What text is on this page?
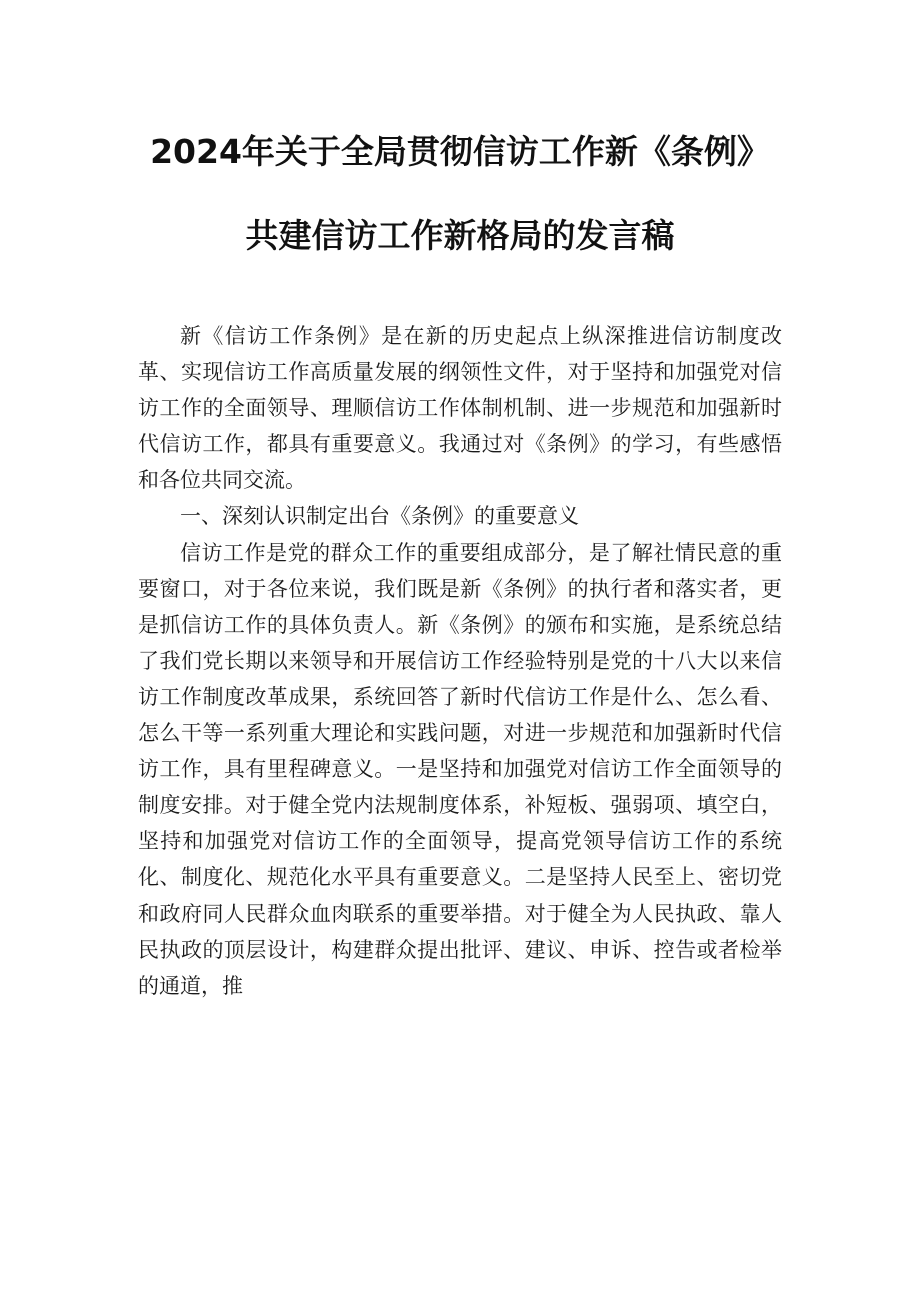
2024年关于全局贯彻信访工作新《条例》
共建信访工作新格局的发言稿

新《信访工作条例》是在新的历史起点上纵深推进信访制度改革、实现信访工作高质量发展的纲领性文件，对于坚持和加强党对信访工作的全面领导、理顺信访工作体制机制、进一步规范和加强新时代信访工作，都具有重要意义。我通过对《条例》的学习，有些感悟和各位共同交流。

一、深刻认识制定出台《条例》的重要意义

信访工作是党的群众工作的重要组成部分，是了解社情民意的重要窗口，对于各位来说，我们既是新《条例》的执行者和落实者，更是抓信访工作的具体负责人。新《条例》的颁布和实施，是系统总结了我们党长期以来领导和开展信访工作经验特别是党的十八大以来信访工作制度改革成果，系统回答了新时代信访工作是什么、怎么看、怎么干等一系列重大理论和实践问题，对进一步规范和加强新时代信访工作，具有里程碑意义。一是坚持和加强党对信访工作全面领导的制度安排。对于健全党内法规制度体系，补短板、强弱项、填空白，坚持和加强党对信访工作的全面领导，提高党领导信访工作的系统化、制度化、规范化水平具有重要意义。二是坚持人民至上、密切党和政府同人民群众血肉联系的重要举措。对于健全为人民执政、靠人民执政的顶层设计，构建群众提出批评、建议、申诉、控告或者检举的通道，推
